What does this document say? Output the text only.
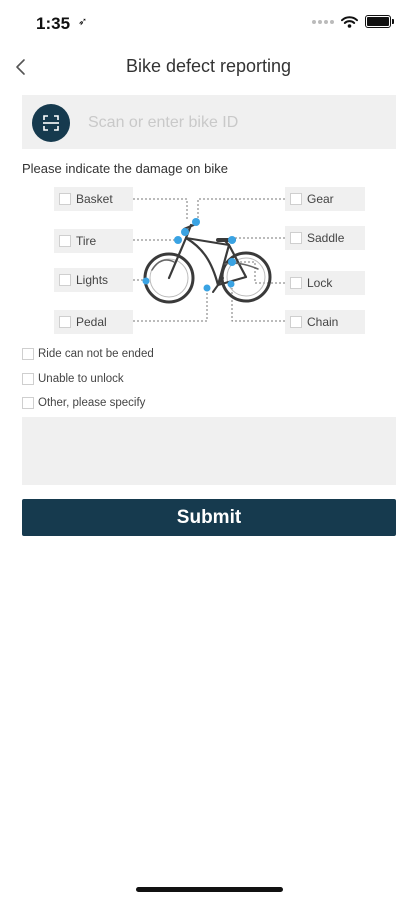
1:35 ➶
Bike defect reporting
Scan or enter bike ID
Please indicate the damage on bike
Basket
Tire
Lights
Pedal
Gear
Saddle
Lock
Chain
Ride can not be ended
Unable to unlock
Other, please specify
Submit
